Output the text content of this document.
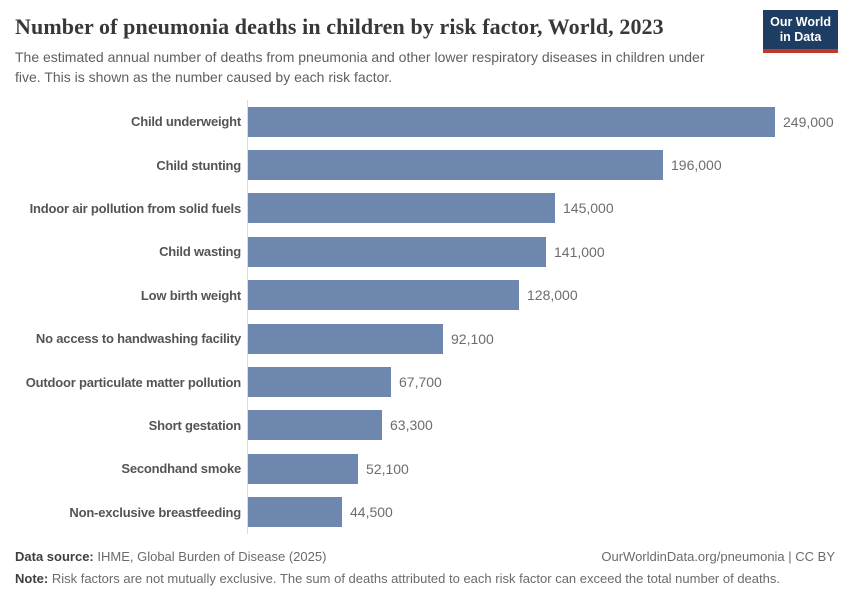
Number of pneumonia deaths in children by risk factor, World, 2023
The estimated annual number of deaths from pneumonia and other lower respiratory diseases in children under five. This is shown as the number caused by each risk factor.
Our World
in Data
Child underweight	249,000
Child stunting	196,000
Indoor air pollution from solid fuels	145,000
Child wasting	141,000
Low birth weight	128,000
No access to handwashing facility	92,100
Outdoor particulate matter pollution	67,700
Short gestation	63,300
Secondhand smoke	52,100
Non-exclusive breastfeeding	44,500
Data source: IHME, Global Burden of Disease (2025)	OurWorldinData.org/pneumonia | CC BY
Note: Risk factors are not mutually exclusive. The sum of deaths attributed to each risk factor can exceed the total number of deaths.
